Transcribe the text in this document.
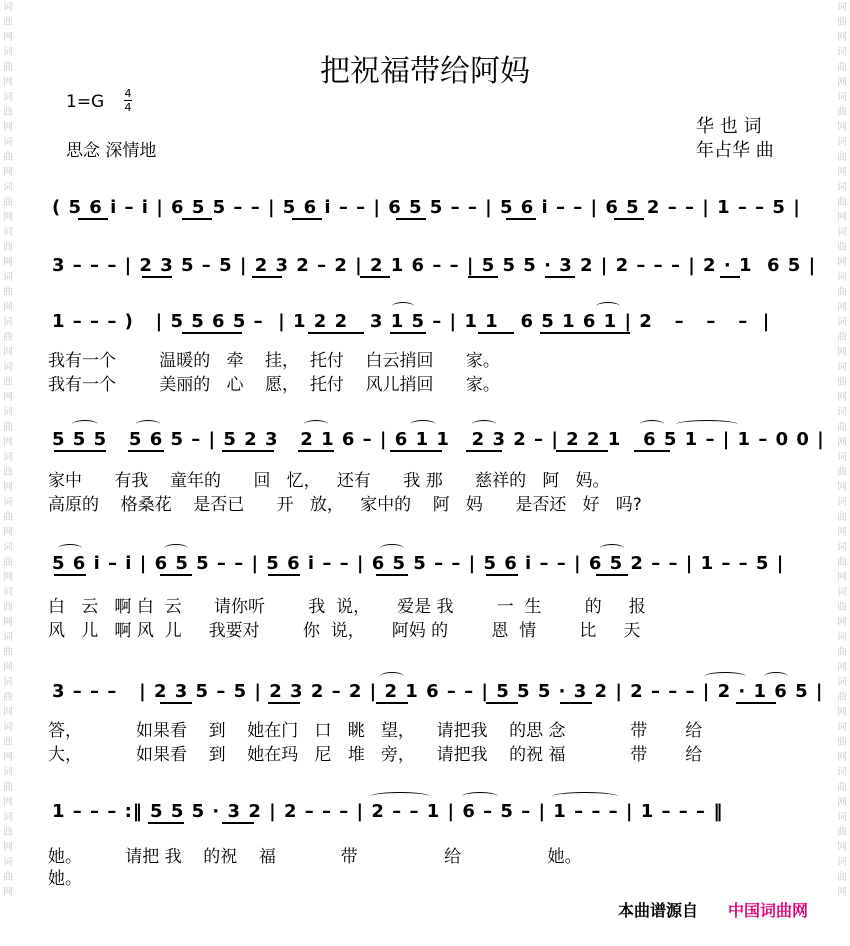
词
曲
网
词
曲
网
词
曲
网
词
曲
网
词
曲
网
词
曲
网
词
曲
网
词
曲
网
词
曲
网
词
曲
网
词
曲
网
词
曲
网
词
曲
网
词
曲
网
词
曲
网
词
曲
网
词
曲
网
词
曲
网
词
曲
网
词
曲
网
词
曲
网
词
曲
网
词
曲
网
词
曲
网
词
曲
网
词
曲
网
词
曲
网
词
曲
网
词
曲
网
词
曲
网
词
曲
网
词
曲
网
词
曲
网
词
曲
网
词
曲
网
词
曲
网
词
曲
网
词
曲
网
词
曲
网
词
曲
网
把祝福带给阿妈
1=G 4
4
思念 深情地
华 也 词
年占华 曲
( 5 6 i – i | 6 5 5 – – | 5 6 i – – | 6 5 5 – – | 5 6 i – – | 6 5 2 – – | 1 – – 5 |
3 – – – | 2 3 5 – 5 | 2 3 2 – 2 | 2 1 6 – – | 5 5 5 · 3 2 | 2 – – – | 2 · 1  6 5 |
1 – – – )   | 5 5 6 5 –  | 1 2 2   3 1 5 – | 1 1   6 5 1 6 1 | 2   –   –   –  |
我有一个        温暖的   牵    挂，  托付    白云捎回      家。
我有一个        美丽的   心    愿，  托付    风儿捎回      家。
5 5 5   5 6 5 – | 5 2 3   2 1 6 – | 6 1 1   2 3 2 – | 2 2 1   6 5 1 – | 1 – 0 0 |
家中      有我    童年的      回   忆，   还有      我 那      慈祥的   阿   妈。
高原的    格桑花    是否已      开   放，   家中的    阿   妈      是否还   好   吗?
5 6 i – i | 6 5 5 – – | 5 6 i – – | 6 5 5 – – | 5 6 i – – | 6 5 2 – – | 1 – – 5 |
白   云   啊 白  云      请你听        我  说，     爱是 我        一  生        的     报
风   儿   啊 风  儿     我要对        你  说，     阿妈 的        恩  情        比     天
3 – – –   | 2 3 5 – 5 | 2 3 2 – 2 | 2 1 6 – – | 5 5 5 · 3 2 | 2 – – – | 2 · 1 6 5 |
答，          如果看    到    她在门   口   眺   望，    请把我    的思 念            带       给
大，          如果看    到    她在玛   尼   堆   旁，    请把我    的祝 福            带       给
1 – – – :‖ 5 5 5 · 3 2 | 2 – – – | 2 – – 1 | 6 – 5 – | 1 – – – | 1 – – – ‖
她。        请把 我    的祝    福            带                给                她。
她。
本曲谱源自 中国词曲网
